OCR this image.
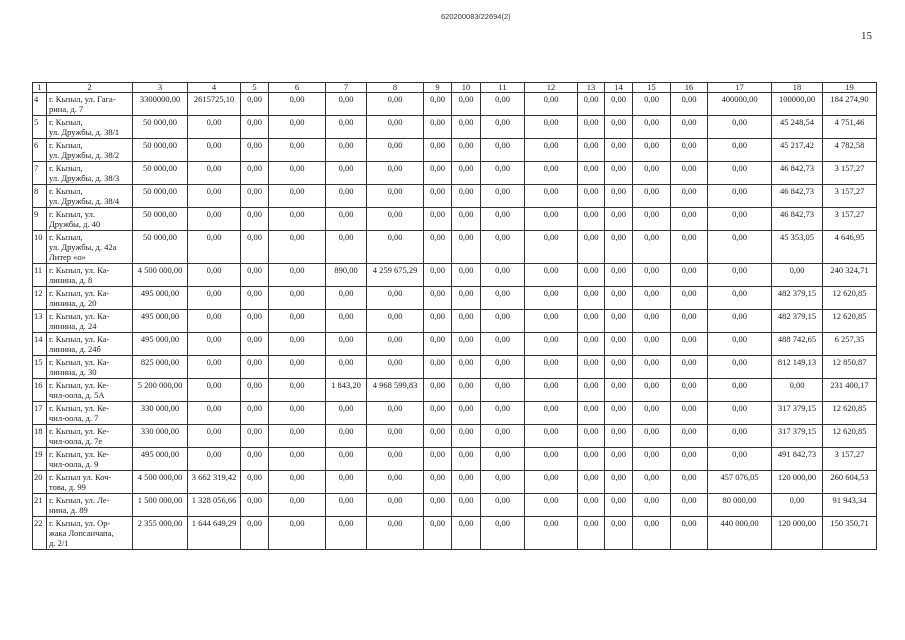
620200083/22694(2)
15
1	2	3	4	5	6	7	8	9	10	11	12	13	14	15	16	17	18	19
4	г. Кызыл, ул. Гага-
рина, д. 7	3300000,00	2615725,10	0,00	0,00	0,00	0,00	0,00	0,00	0,00	0,00	0,00	0,00	0,00	0,00	400000,00	100000,00	184 274,90
5	г. Кызыл,
ул. Дружбы, д. 38/1	50 000,00	0,00	0,00	0,00	0,00	0,00	0,00	0,00	0,00	0,00	0,00	0,00	0,00	0,00	0,00	45 248,54	4 751,46
6	г. Кызыл,
ул. Дружбы, д. 38/2	50 000,00	0,00	0,00	0,00	0,00	0,00	0,00	0,00	0,00	0,00	0,00	0,00	0,00	0,00	0,00	45 217,42	4 782,58
7	г. Кызыл,
ул. Дружбы, д. 38/3	50 000,00	0,00	0,00	0,00	0,00	0,00	0,00	0,00	0,00	0,00	0,00	0,00	0,00	0,00	0,00	46 842,73	3 157,27
8	г. Кызыл,
ул. Дружбы, д. 38/4	50 000,00	0,00	0,00	0,00	0,00	0,00	0,00	0,00	0,00	0,00	0,00	0,00	0,00	0,00	0,00	46 842,73	3 157,27
9	г. Кызыл, ул.
Дружбы, д. 40	50 000,00	0,00	0,00	0,00	0,00	0,00	0,00	0,00	0,00	0,00	0,00	0,00	0,00	0,00	0,00	46 842,73	3 157,27
10	г. Кызыл,
ул. Дружбы, д. 42а
Литер «о»	50 000,00	0,00	0,00	0,00	0,00	0,00	0,00	0,00	0,00	0,00	0,00	0,00	0,00	0,00	0,00	45 353,05	4 646,95
11	г. Кызыл, ул. Ка-
линина, д. 8	4 500 000,00	0,00	0,00	0,00	890,00	4 259 675,29	0,00	0,00	0,00	0,00	0,00	0,00	0,00	0,00	0,00	0,00	240 324,71
12	г. Кызыл, ул. Ка-
линина, д. 20	495 000,00	0,00	0,00	0,00	0,00	0,00	0,00	0,00	0,00	0,00	0,00	0,00	0,00	0,00	0,00	482 379,15	12 620,85
13	г. Кызыл, ул. Ка-
линина, д. 24	495 000,00	0,00	0,00	0,00	0,00	0,00	0,00	0,00	0,00	0,00	0,00	0,00	0,00	0,00	0,00	482 379,15	12 620,85
14	г. Кызыл, ул. Ка-
линина, д. 24б	495 000,00	0,00	0,00	0,00	0,00	0,00	0,00	0,00	0,00	0,00	0,00	0,00	0,00	0,00	0,00	488 742,65	6 257,35
15	г. Кызыл, ул. Ка-
линина, д. 30	825 000,00	0,00	0,00	0,00	0,00	0,00	0,00	0,00	0,00	0,00	0,00	0,00	0,00	0,00	0,00	812 149,13	12 850,87
16	г. Кызыл, ул. Ке-
чил-оола, д. 5А	5 200 000,00	0,00	0,00	0,00	1 843,20	4 968 599,83	0,00	0,00	0,00	0,00	0,00	0,00	0,00	0,00	0,00	0,00	231 400,17
17	г. Кызыл, ул. Ке-
чил-оола, д. 7	330 000,00	0,00	0,00	0,00	0,00	0,00	0,00	0,00	0,00	0,00	0,00	0,00	0,00	0,00	0,00	317 379,15	12 620,85
18	г. Кызыл, ул. Ке-
чил-оола, д. 7е	330 000,00	0,00	0,00	0,00	0,00	0,00	0,00	0,00	0,00	0,00	0,00	0,00	0,00	0,00	0,00	317 379,15	12 620,85
19	г. Кызыл, ул. Ке-
чил-оола, д. 9	495 000,00	0,00	0,00	0,00	0,00	0,00	0,00	0,00	0,00	0,00	0,00	0,00	0,00	0,00	0,00	491 842,73	3 157,27
20	г. Кызыл ул. Коч-
това, д. 99	4 500 000,00	3 662 319,42	0,00	0,00	0,00	0,00	0,00	0,00	0,00	0,00	0,00	0,00	0,00	0,00	457 076,05	120 000,00	260 604,53
21	г. Кызыл, ул. Ле-
нина, д. 89	1 500 000,00	1 328 056,66	0,00	0,00	0,00	0,00	0,00	0,00	0,00	0,00	0,00	0,00	0,00	0,00	80 000,00	0,00	91 943,34
22	г. Кызыл, ул. Ор-
жака Лопсанчапа,
д. 2/1	2 355 000,00	1 644 649,29	0,00	0,00	0,00	0,00	0,00	0,00	0,00	0,00	0,00	0,00	0,00	0,00	440 000,00	120 000,00	150 350,71
